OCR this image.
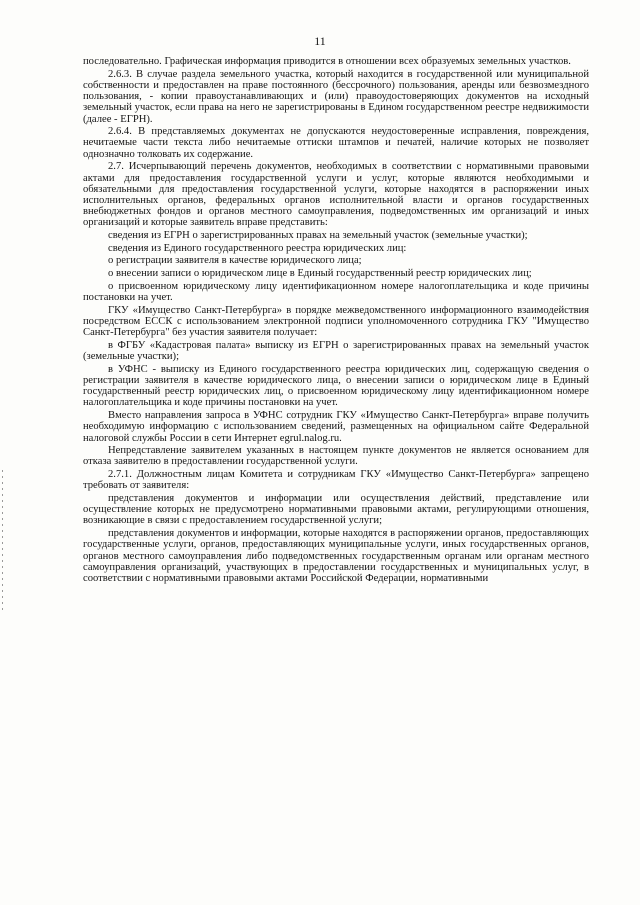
11

последовательно. Графическая информация приводится в отношении всех образуемых земельных участков.

2.6.3. В случае раздела земельного участка, который находится в государственной или муниципальной собственности и предоставлен на праве постоянного (бессрочного) пользования, аренды или безвозмездного пользования, - копии правоустанавливающих и (или) правоудостоверяющих документов на исходный земельный участок, если права на него не зарегистрированы в Едином государственном реестре недвижимости (далее - ЕГРН).

2.6.4. В представляемых документах не допускаются неудостоверенные исправления, повреждения, нечитаемые части текста либо нечитаемые оттиски штампов и печатей, наличие которых не позволяет однозначно толковать их содержание.

2.7. Исчерпывающий перечень документов, необходимых в соответствии с нормативными правовыми актами для предоставления государственной услуги и услуг, которые являются необходимыми и обязательными для предоставления государственной услуги, которые находятся в распоряжении иных исполнительных органов, федеральных органов исполнительной власти и органов государственных внебюджетных фондов и органов местного самоуправления, подведомственных им организаций и иных организаций и которые заявитель вправе представить:

сведения из ЕГРН о зарегистрированных правах на земельный участок (земельные участки);

сведения из Единого государственного реестра юридических лиц:

о регистрации заявителя в качестве юридического лица;

о внесении записи о юридическом лице в Единый государственный реестр юридических лиц;

о присвоенном юридическому лицу идентификационном номере налогоплательщика и коде причины постановки на учет.

ГКУ «Имущество Санкт-Петербурга» в порядке межведомственного информационного взаимодействия посредством ЕССК с использованием электронной подписи уполномоченного сотрудника ГКУ "Имущество Санкт-Петербурга" без участия заявителя получает:

в ФГБУ «Кадастровая палата» выписку из ЕГРН о зарегистрированных правах на земельный участок (земельные участки);

в УФНС - выписку из Единого государственного реестра юридических лиц, содержащую сведения о регистрации заявителя в качестве юридического лица, о внесении записи о юридическом лице в Единый государственный реестр юридических лиц, о присвоенном юридическому лицу идентификационном номере налогоплательщика и коде причины постановки на учет.

Вместо направления запроса в УФНС сотрудник ГКУ «Имущество Санкт-Петербурга» вправе получить необходимую информацию с использованием сведений, размещенных на официальном сайте Федеральной налоговой службы России в сети Интернет egrul.nalog.ru.

Непредставление заявителем указанных в настоящем пункте документов не является основанием для отказа заявителю в предоставлении государственной услуги.

2.7.1. Должностным лицам Комитета и сотрудникам ГКУ «Имущество Санкт-Петербурга» запрещено требовать от заявителя:

представления документов и информации или осуществления действий, представление или осуществление которых не предусмотрено нормативными правовыми актами, регулирующими отношения, возникающие в связи с предоставлением государственной услуги;

представления документов и информации, которые находятся в распоряжении органов, предоставляющих государственные услуги, органов, предоставляющих муниципальные услуги, иных государственных органов, органов местного самоуправления либо подведомственных государственным органам или органам местного самоуправления организаций, участвующих в предоставлении государственных и муниципальных услуг, в соответствии с нормативными правовыми актами Российской Федерации, нормативными
